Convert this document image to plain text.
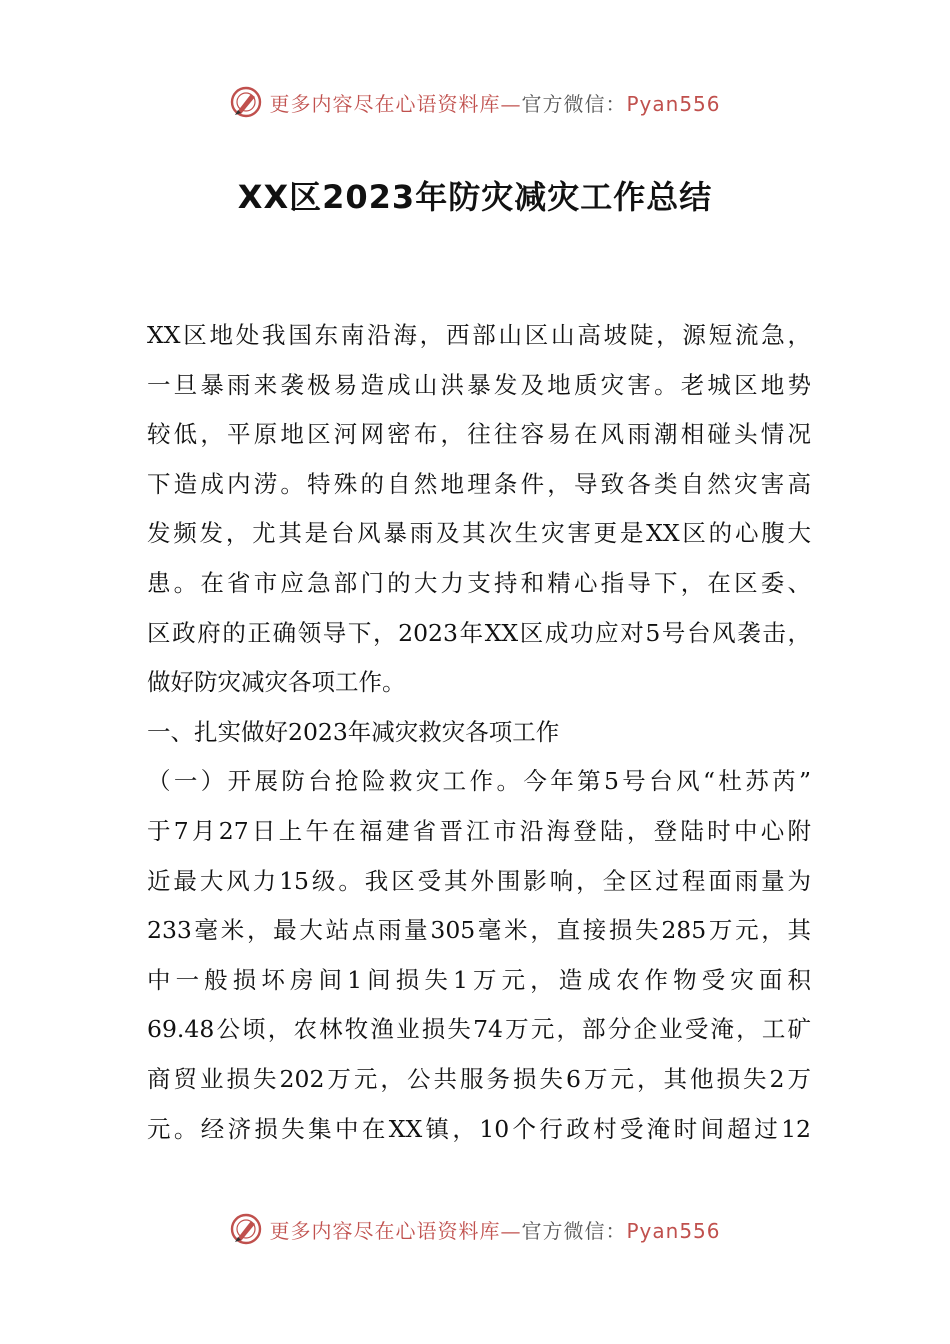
更多内容尽在心语资料库—官方微信：Pyan556
XX区2023年防灾减灾工作总结
XX区地处我国东南沿海，西部山区山高坡陡，源短流急，
一旦暴雨来袭极易造成山洪暴发及地质灾害。老城区地势
较低，平原地区河网密布，往往容易在风雨潮相碰头情况
下造成内涝。特殊的自然地理条件，导致各类自然灾害高
发频发，尤其是台风暴雨及其次生灾害更是XX区的心腹大
患。在省市应急部门的大力支持和精心指导下，在区委、
区政府的正确领导下，2023年XX区成功应对5号台风袭击，
做好防灾减灾各项工作。
一、扎实做好2023年减灾救灾各项工作
（一）开展防台抢险救灾工作。今年第5号台风“杜苏芮”
于7月27日上午在福建省晋江市沿海登陆，登陆时中心附
近最大风力15级。我区受其外围影响，全区过程面雨量为
233毫米，最大站点雨量305毫米，直接损失285万元，其
中一般损坏房间1间损失1万元，造成农作物受灾面积
69.48公顷，农林牧渔业损失74万元，部分企业受淹，工矿
商贸业损失202万元，公共服务损失6万元，其他损失2万
元。经济损失集中在XX镇，10个行政村受淹时间超过12
更多内容尽在心语资料库—官方微信：Pyan556
